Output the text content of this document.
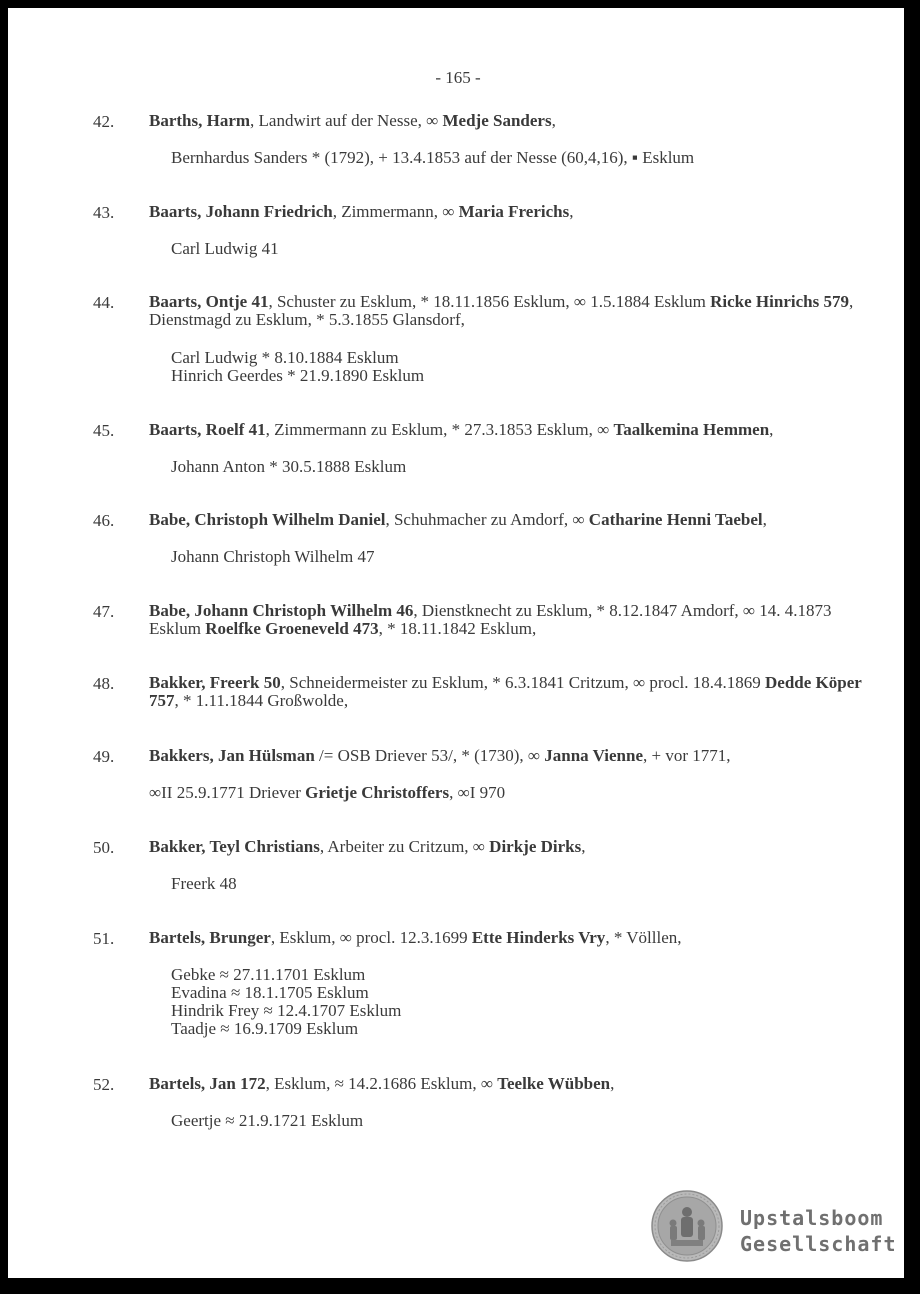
- 165 -
42. Barths, Harm, Landwirt auf der Nesse, ∞ Medje Sanders,
Bernhardus Sanders * (1792), + 13.4.1853 auf der Nesse (60,4,16), ▪ Esklum
43. Baarts, Johann Friedrich, Zimmermann, ∞ Maria Frerichs,
Carl Ludwig 41
44. Baarts, Ontje 41, Schuster zu Esklum, * 18.11.1856 Esklum, ∞ 1.5.1884 Esklum Ricke Hinrichs 579, Dienstmagd zu Esklum, * 5.3.1855 Glansdorf,
Carl Ludwig * 8.10.1884 Esklum
Hinrich Geerdes * 21.9.1890 Esklum
45. Baarts, Roelf 41, Zimmermann zu Esklum, * 27.3.1853 Esklum, ∞ Taalkemina Hemmen,
Johann Anton * 30.5.1888 Esklum
46. Babe, Christoph Wilhelm Daniel, Schuhmacher zu Amdorf, ∞ Catharine Henni Taebel,
Johann Christoph Wilhelm 47
47. Babe, Johann Christoph Wilhelm 46, Dienstknecht zu Esklum, * 8.12.1847 Amdorf, ∞ 14. 4.1873 Esklum Roelfke Groeneveld 473, * 18.11.1842 Esklum,
48. Bakker, Freerk 50, Schneidermeister zu Esklum, * 6.3.1841 Critzum, ∞ procl. 18.4.1869 Dedde Köper 757, * 1.11.1844 Großwolde,
49. Bakkers, Jan Hülsman /= OSB Driever 53/, * (1730), ∞ Janna Vienne, + vor 1771,
∞II 25.9.1771 Driever Grietje Christoffers, ∞I 970
50. Bakker, Teyl Christians, Arbeiter zu Critzum, ∞ Dirkje Dirks,
Freerk 48
51. Bartels, Brunger, Esklum, ∞ procl. 12.3.1699 Ette Hinderks Vry, * Völllen,
Gebke ≈ 27.11.1701 Esklum
Evadina ≈ 18.1.1705 Esklum
Hindrik Frey ≈ 12.4.1707 Esklum
Taadje ≈ 16.9.1709 Esklum
52. Bartels, Jan 172, Esklum, ≈ 14.2.1686 Esklum, ∞ Teelke Wübben,
Geertje ≈ 21.9.1721 Esklum
Upstalsboom
Gesellschaft
